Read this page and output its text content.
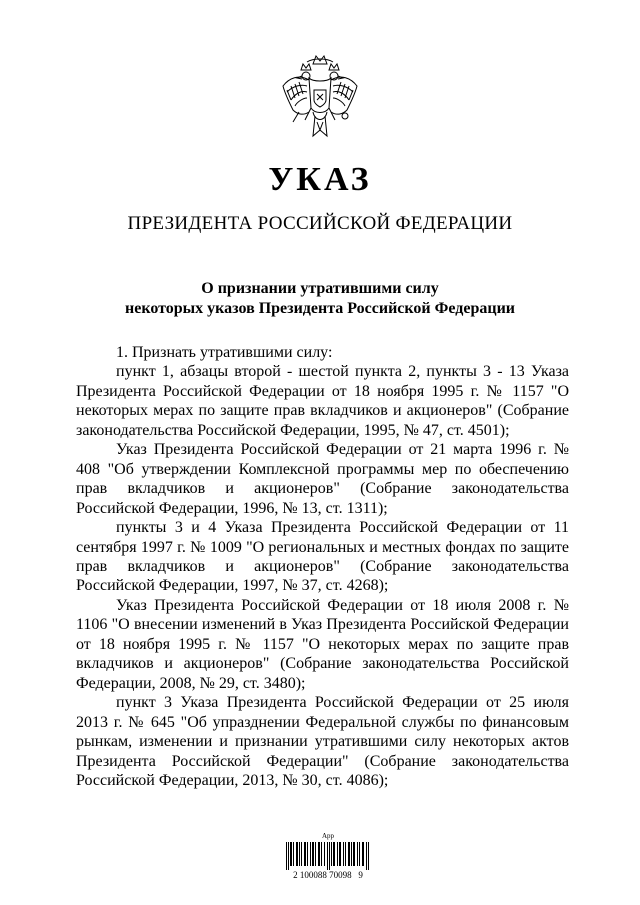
УКАЗ
ПРЕЗИДЕНТА РОССИЙСКОЙ ФЕДЕРАЦИИ
О признании утратившими силу
некоторых указов Президента Российской Федерации

1. Признать утратившими силу:

пункт 1, абзацы второй - шестой пункта 2, пункты 3 - 13 Указа Президента Российской Федерации от 18 ноября 1995 г. № 1157 "О некоторых мерах по защите прав вкладчиков и акционеров" (Собрание законодательства Российской Федерации, 1995, № 47, ст. 4501);

Указ Президента Российской Федерации от 21 марта 1996 г. № 408 "Об утверждении Комплексной программы мер по обеспечению прав вкладчиков и акционеров" (Собрание законодательства Российской Федерации, 1996, № 13, ст. 1311);

пункты 3 и 4 Указа Президента Российской Федерации от 11 сентября 1997 г. № 1009 "О региональных и местных фондах по защите прав вкладчиков и акционеров" (Собрание законодательства Российской Федерации, 1997, № 37, ст. 4268);

Указ Президента Российской Федерации от 18 июля 2008 г. № 1106 "О внесении изменений в Указ Президента Российской Федерации от 18 ноября 1995 г. № 1157 "О некоторых мерах по защите прав вкладчиков и акционеров" (Собрание законодательства Российской Федерации, 2008, № 29, ст. 3480);

пункт 3 Указа Президента Российской Федерации от 25 июля 2013 г. № 645 "Об упразднении Федеральной службы по финансовым рынкам, изменении и признании утратившими силу некоторых актов Президента Российской Федерации" (Собрание законодательства Российской Федерации, 2013, № 30, ст. 4086);

Арр
2 100088 70098   9
